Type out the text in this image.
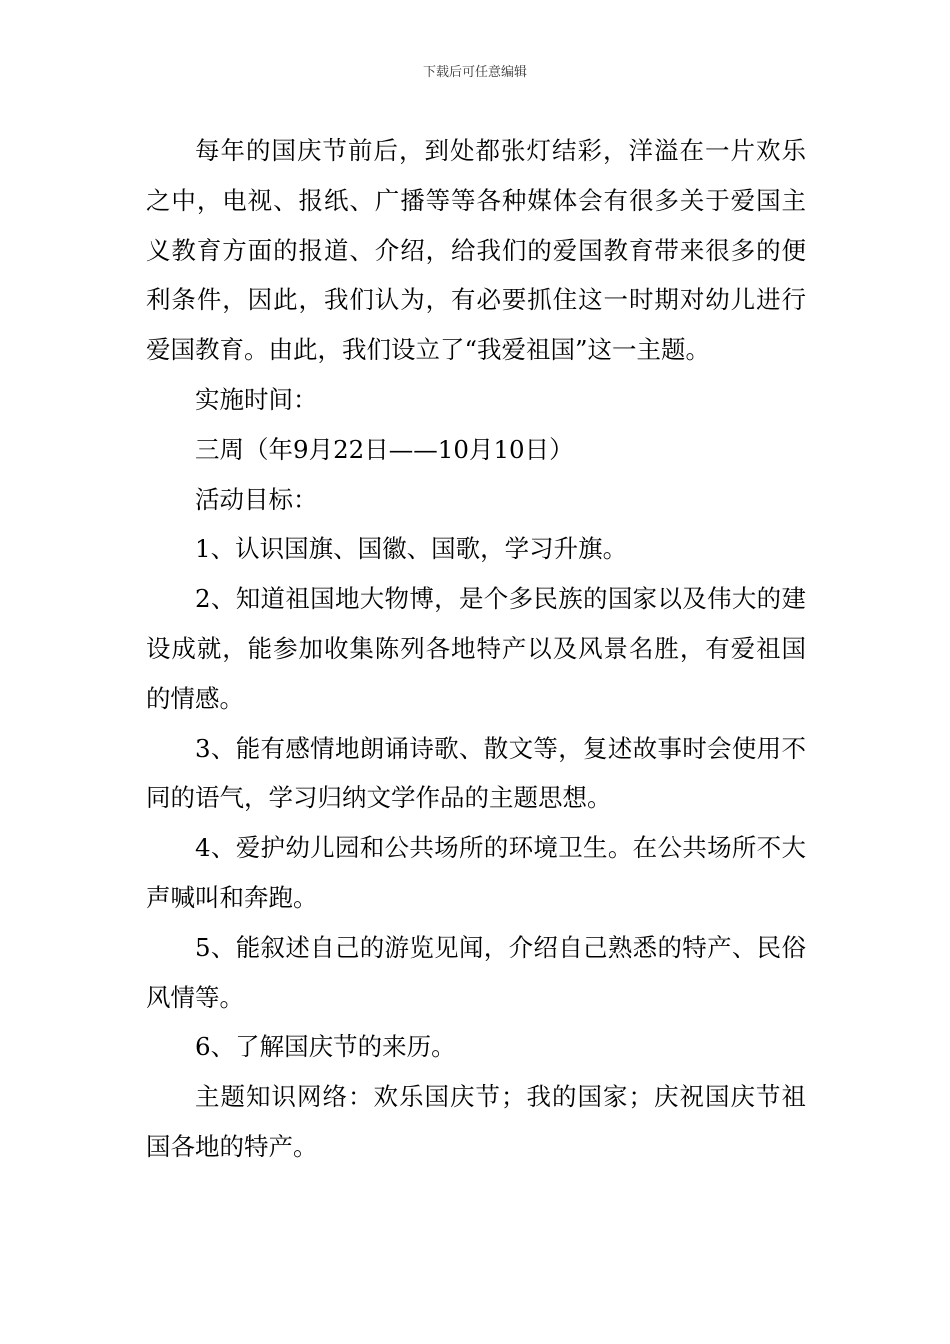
下载后可任意编辑

每年的国庆节前后，到处都张灯结彩，洋溢在一片欢乐之中，电视、报纸、广播等等各种媒体会有很多关于爱国主义教育方面的报道、介绍，给我们的爱国教育带来很多的便利条件，因此，我们认为，有必要抓住这一时期对幼儿进行爱国教育。由此，我们设立了“我爱祖国”这一主题。

实施时间：

三周（年9月22日——10月10日）

活动目标：

1、认识国旗、国徽、国歌，学习升旗。

2、知道祖国地大物博，是个多民族的国家以及伟大的建设成就，能参加收集陈列各地特产以及风景名胜，有爱祖国的情感。

3、能有感情地朗诵诗歌、散文等，复述故事时会使用不同的语气，学习归纳文学作品的主题思想。

4、爱护幼儿园和公共场所的环境卫生。在公共场所不大声喊叫和奔跑。

5、能叙述自己的游览见闻，介绍自己熟悉的特产、民俗风情等。

6、了解国庆节的来历。

主题知识网络：欢乐国庆节；我的国家；庆祝国庆节祖国各地的特产。
